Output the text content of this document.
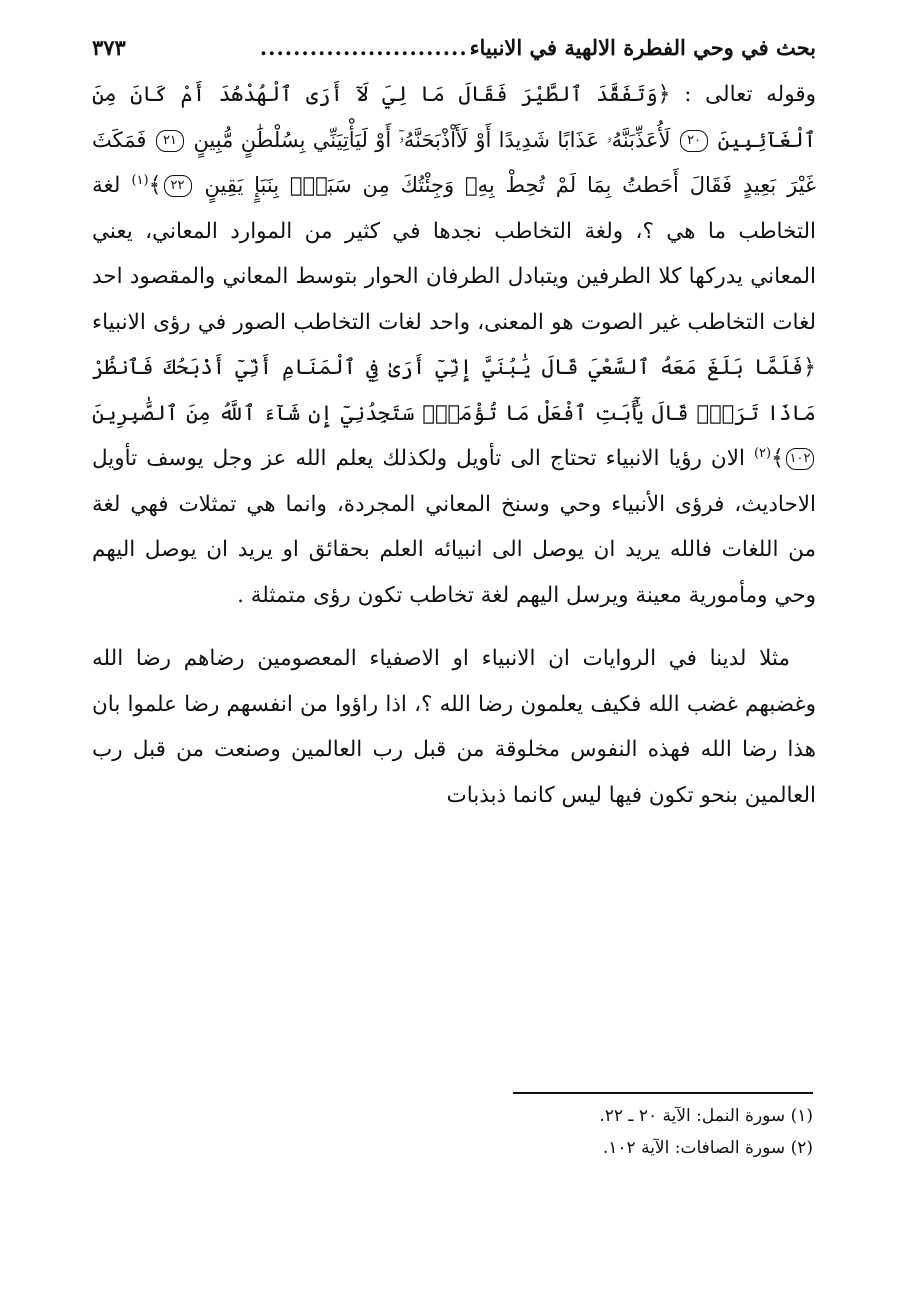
بحث في وحي الفطرة الالهية في الانبياء
.........................
٣٧٣

وقوله تعالى : ﴿وَتَفَقَّدَ ٱلطَّيْرَ فَقَالَ مَا لِيَ لَآ أَرَى ٱلْهُدْهُدَ أَمْ كَانَ مِنَ ٱلْغَآئِبِينَ ٢٠ لَأُعَذِّبَنَّهُۥ عَذَابًا شَدِيدًا أَوْ لَأَاْذْبَحَنَّهُۥٓ أَوْ لَيَأْتِيَنِّي بِسُلْطَٰنٍ مُّبِينٍ ٢١ فَمَكَثَ غَيْرَ بَعِيدٍ فَقَالَ أَحَطتُ بِمَا لَمْ تُحِطْ بِهِۦ وَجِئْتُكَ مِن سَبَإِۭ بِنَبَإٍ يَقِينٍ ٢٢﴾$^{(١)}$ لغة التخاطب ما هي ؟، ولغة التخاطب نجدها في كثير من الموارد المعاني، يعني المعاني يدركها كلا الطرفين ويتبادل الطرفان الحوار بتوسط المعاني والمقصود احد لغات التخاطب غير الصوت هو المعنى، واحد لغات التخاطب الصور في رؤى الانبياء ﴿فَلَمَّا بَلَغَ مَعَهُ ٱلسَّعْيَ قَالَ يَٰبُنَيَّ إِنِّيٓ أَرَىٰ فِي ٱلْمَنَامِ أَنِّيٓ أَذْبَحُكَ فَٱنظُرْ مَاذَا تَرَىٰۚ قَالَ يَٰٓأَبَتِ ٱفْعَلْ مَا تُؤْمَرُۖ سَتَجِدُنِيٓ إِن شَآءَ ٱللَّهُ مِنَ ٱلصَّٰبِرِينَ ١٠٢﴾$^{(٢)}$ الان رؤيا الانبياء تحتاج الى تأويل ولكذلك يعلم الله عز وجل يوسف تأويل الاحاديث، فرؤى الأنبياء وحي وسنخ المعاني المجردة، وانما هي تمثلات فهي لغة من اللغات فالله يريد ان يوصل الى انبيائه العلم بحقائق او يريد ان يوصل اليهم وحي ومأمورية معينة ويرسل اليهم لغة تخاطب تكون رؤى متمثلة .

مثلا لدينا في الروايات ان الانبياء او الاصفياء المعصومين رضاهم رضا الله وغضبهم غضب الله فكيف يعلمون رضا الله ؟، اذا راؤوا من انفسهم رضا علموا بان هذا رضا الله فهذه النفوس مخلوقة من قبل رب العالمين وصنعت من قبل رب العالمين بنحو تكون فيها ليس كانما ذبذبات

(١) سورة النمل: الآية ٢٠ ـ ٢٢.
(٢) سورة الصافات: الآية ١٠٢.
